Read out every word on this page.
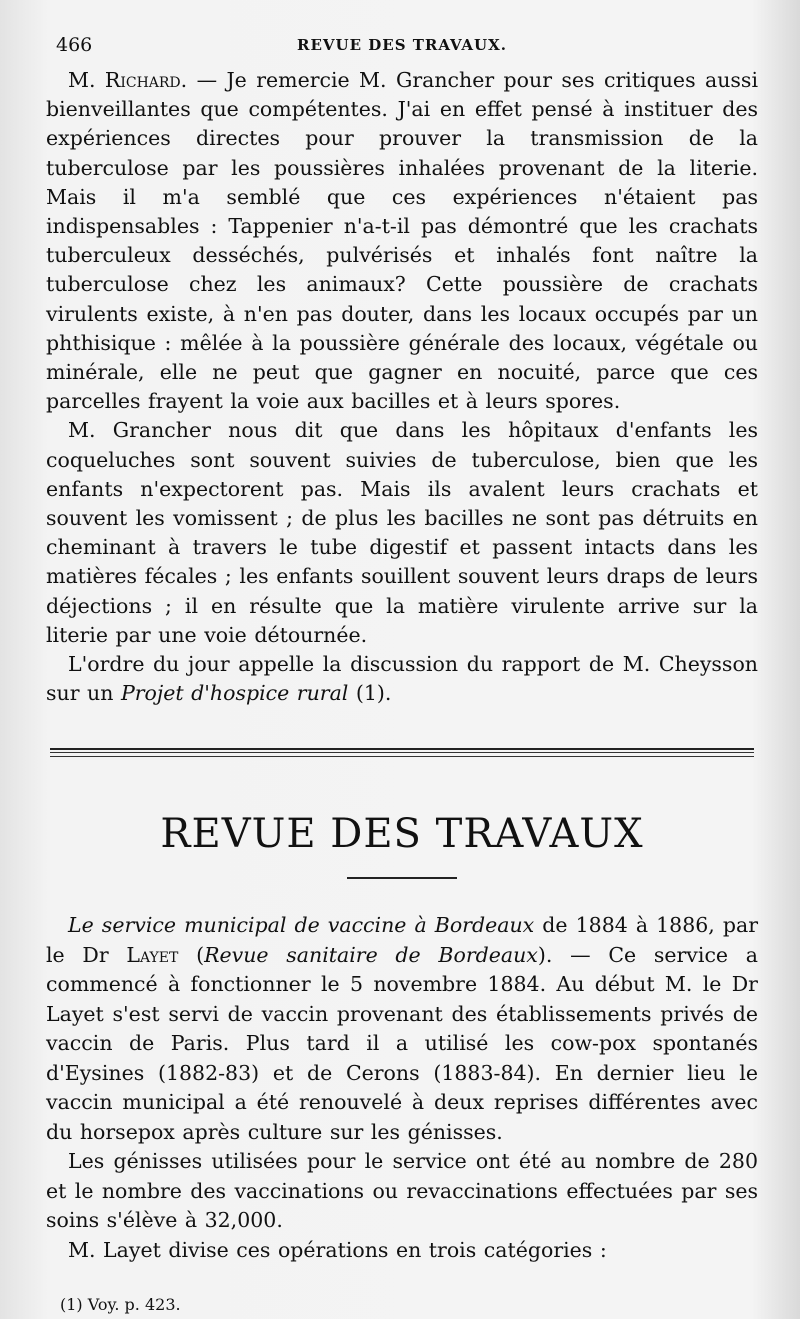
466	REVUE DES TRAVAUX.

M. Richard. — Je remercie M. Grancher pour ses critiques aussi bienveillantes que compétentes. J'ai en effet pensé à instituer des expériences directes pour prouver la transmission de la tuberculose par les poussières inhalées provenant de la literie. Mais il m'a semblé que ces expériences n'étaient pas indispensables : Tappenier n'a-t-il pas démontré que les crachats tuberculeux desséchés, pulvérisés et inhalés font naître la tuberculose chez les animaux? Cette poussière de crachats virulents existe, à n'en pas douter, dans les locaux occupés par un phthisique : mêlée à la poussière générale des locaux, végétale ou minérale, elle ne peut que gagner en nocuité, parce que ces parcelles frayent la voie aux bacilles et à leurs spores.

M. Grancher nous dit que dans les hôpitaux d'enfants les coqueluches sont souvent suivies de tuberculose, bien que les enfants n'expectorent pas. Mais ils avalent leurs crachats et souvent les vomissent ; de plus les bacilles ne sont pas détruits en cheminant à travers le tube digestif et passent intacts dans les matières fécales ; les enfants souillent souvent leurs draps de leurs déjections ; il en résulte que la matière virulente arrive sur la literie par une voie détournée.

L'ordre du jour appelle la discussion du rapport de M. Cheysson sur un Projet d'hospice rural (1).

REVUE DES TRAVAUX

Le service municipal de vaccine à Bordeaux de 1884 à 1886, par le Dr Layet (Revue sanitaire de Bordeaux). — Ce service a commencé à fonctionner le 5 novembre 1884. Au début M. le Dr Layet s'est servi de vaccin provenant des établissements privés de vaccin de Paris. Plus tard il a utilisé les cow-pox spontanés d'Eysines (1882-83) et de Cerons (1883-84). En dernier lieu le vaccin municipal a été renouvelé à deux reprises différentes avec du horsepox après culture sur les génisses.

Les génisses utilisées pour le service ont été au nombre de 280 et le nombre des vaccinations ou revaccinations effectuées par ses soins s'élève à 32,000.

M. Layet divise ces opérations en trois catégories :

(1) Voy. p. 423.
